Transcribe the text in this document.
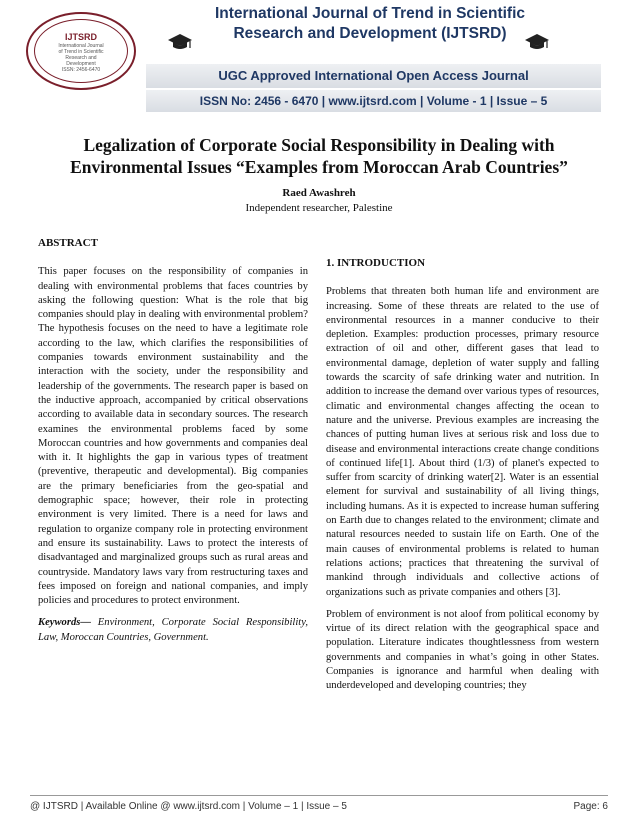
IJTSRD
International Journal
of Trend in Scientific
Research and
Development
ISSN: 2456-6470
International Journal of Trend in Scientific
Research and Development (IJTSRD)
UGC Approved International Open Access Journal
ISSN No: 2456 - 6470 | www.ijtsrd.com | Volume - 1 | Issue – 5
Legalization of Corporate Social Responsibility in Dealing with
Environmental Issues “Examples from Moroccan Arab Countries”
Raed Awashreh
Independent researcher, Palestine
ABSTRACT

This paper focuses on the responsibility of companies in dealing with environmental problems that faces countries by asking the following question: What is the role that big companies should play in dealing with environmental problem? The hypothesis focuses on the need to have a legitimate role according to the law, which clarifies the responsibilities of companies towards environment sustainability and the interaction with the society, under the responsibility and leadership of the governments. The research paper is based on the inductive approach, accompanied by critical observations according to available data in secondary sources. The research examines the environmental problems faced by some Moroccan countries and how governments and companies deal with it. It highlights the gap in various types of treatment (preventive, therapeutic and developmental). Big companies are the primary beneficiaries from the geo-spatial and demographic space; however, their role in protecting environment is very limited. There is a need for laws and regulation to organize company role in protecting environment and ensure its sustainability. Laws to protect the interests of disadvantaged and marginalized groups such as rural areas and countryside. Mandatory laws vary from restructuring taxes and fees imposed on foreign and national companies, and imply policies and procedures to protect environment.

Keywords— Environment, Corporate Social Responsibility, Law, Moroccan Countries, Government.

1. INTRODUCTION

Problems that threaten both human life and environment are increasing. Some of these threats are related to the use of environmental resources in a manner conducive to their depletion. Examples: production processes, primary resource extraction of oil and other, different gases that lead to environmental damage, depletion of water supply and falling towards the scarcity of safe drinking water and nutrition. In addition to increase the demand over various types of resources, climatic and environmental changes affecting the ocean to nature and the universe. Previous examples are increasing the chances of putting human lives at serious risk and loss due to disease and environmental interactions create change conditions of continued life[1]. About third (1/3) of planet's expected to suffer from scarcity of drinking water[2]. Water is an essential element for survival and sustainability of all living things, including humans. As it is expected to increase human suffering on Earth due to changes related to the environment; climate and natural resources needed to sustain life on Earth. One of the main causes of environmental problems is related to human relations actions; practices that threatening the survival of mankind through individuals and collective actions of organizations such as private companies and others [3].

Problem of environment is not aloof from political economy by virtue of its direct relation with the geographical space and population. Literature indicates thoughtlessness from western governments and companies in what’s going in other States. Companies is ignorance and harmful when dealing with underdeveloped and developing countries; they

@ IJTSRD | Available Online @ www.ijtsrd.com | Volume – 1 | Issue – 5	Page: 6
